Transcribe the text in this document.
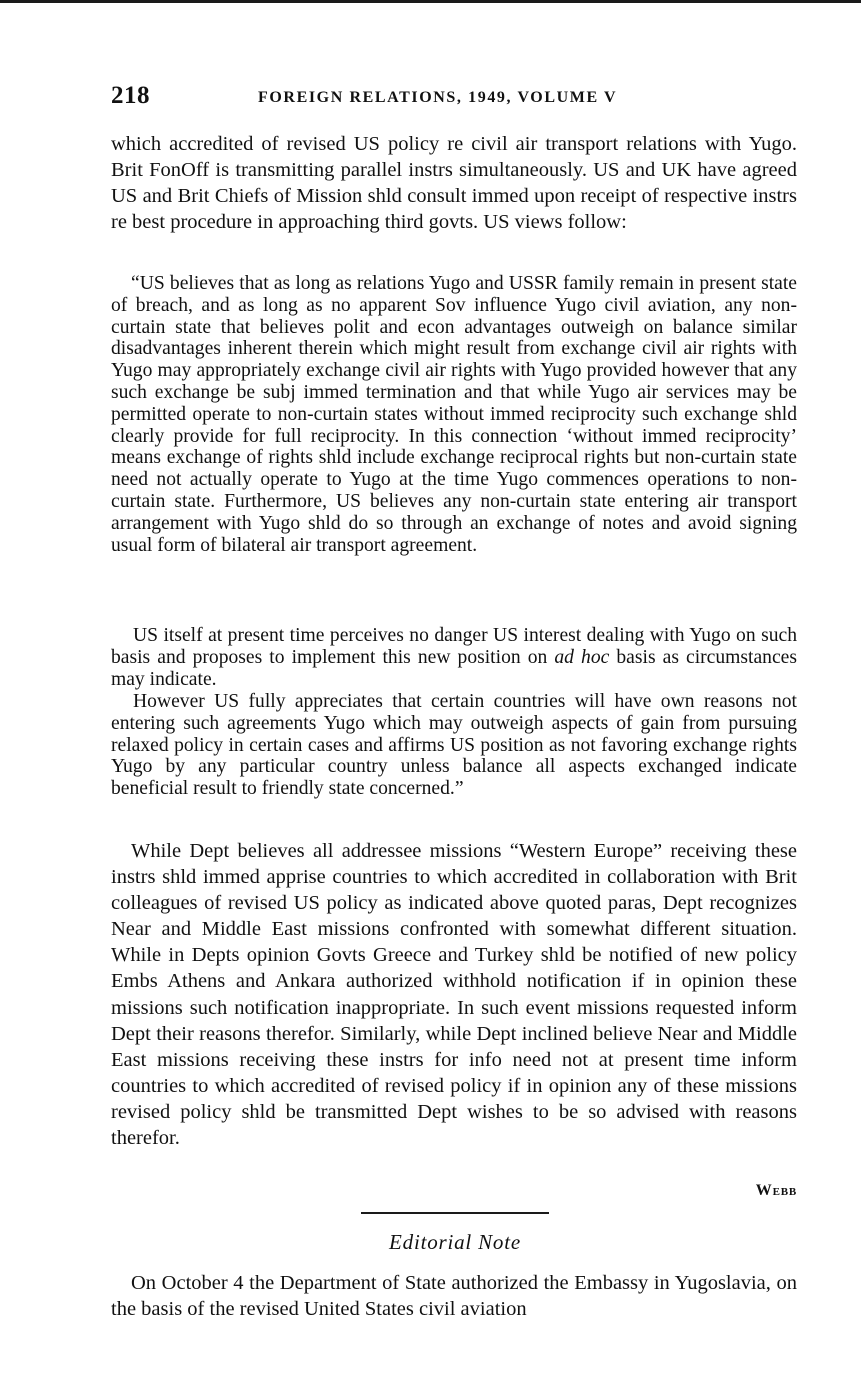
218	FOREIGN RELATIONS, 1949, VOLUME V

which accredited of revised US policy re civil air transport relations with Yugo. Brit FonOff is transmitting parallel instrs simultaneously. US and UK have agreed US and Brit Chiefs of Mission shld consult immed upon receipt of respective instrs re best procedure in approaching third govts. US views follow:

“US believes that as long as relations Yugo and USSR family remain in present state of breach, and as long as no apparent Sov influence Yugo civil aviation, any non-curtain state that believes polit and econ advantages outweigh on balance similar disadvantages inherent therein which might result from exchange civil air rights with Yugo may appropriately exchange civil air rights with Yugo provided however that any such exchange be subj immed termination and that while Yugo air services may be permitted operate to non-curtain states without immed reciprocity such exchange shld clearly provide for full reciprocity. In this connection ‘without immed reciprocity’ means exchange of rights shld include exchange reciprocal rights but non-curtain state need not actually operate to Yugo at the time Yugo commences operations to non-curtain state. Furthermore, US believes any non-curtain state entering air transport arrangement with Yugo shld do so through an exchange of notes and avoid signing usual form of bilateral air transport agreement.

US itself at present time perceives no danger US interest dealing with Yugo on such basis and proposes to implement this new position on ad hoc basis as circumstances may indicate.

However US fully appreciates that certain countries will have own reasons not entering such agreements Yugo which may outweigh aspects of gain from pursuing relaxed policy in certain cases and affirms US position as not favoring exchange rights Yugo by any particular country unless balance all aspects exchanged indicate beneficial result to friendly state concerned.”

While Dept believes all addressee missions “Western Europe” receiving these instrs shld immed apprise countries to which accredited in collaboration with Brit colleagues of revised US policy as indicated above quoted paras, Dept recognizes Near and Middle East missions confronted with somewhat different situation. While in Depts opinion Govts Greece and Turkey shld be notified of new policy Embs Athens and Ankara authorized withhold notification if in opinion these missions such notification inappropriate. In such event missions requested inform Dept their reasons therefor. Similarly, while Dept inclined believe Near and Middle East missions receiving these instrs for info need not at present time inform countries to which accredited of revised policy if in opinion any of these missions revised policy shld be transmitted Dept wishes to be so advised with reasons therefor.

Webb
Editorial Note

On October 4 the Department of State authorized the Embassy in Yugoslavia, on the basis of the revised United States civil aviation
